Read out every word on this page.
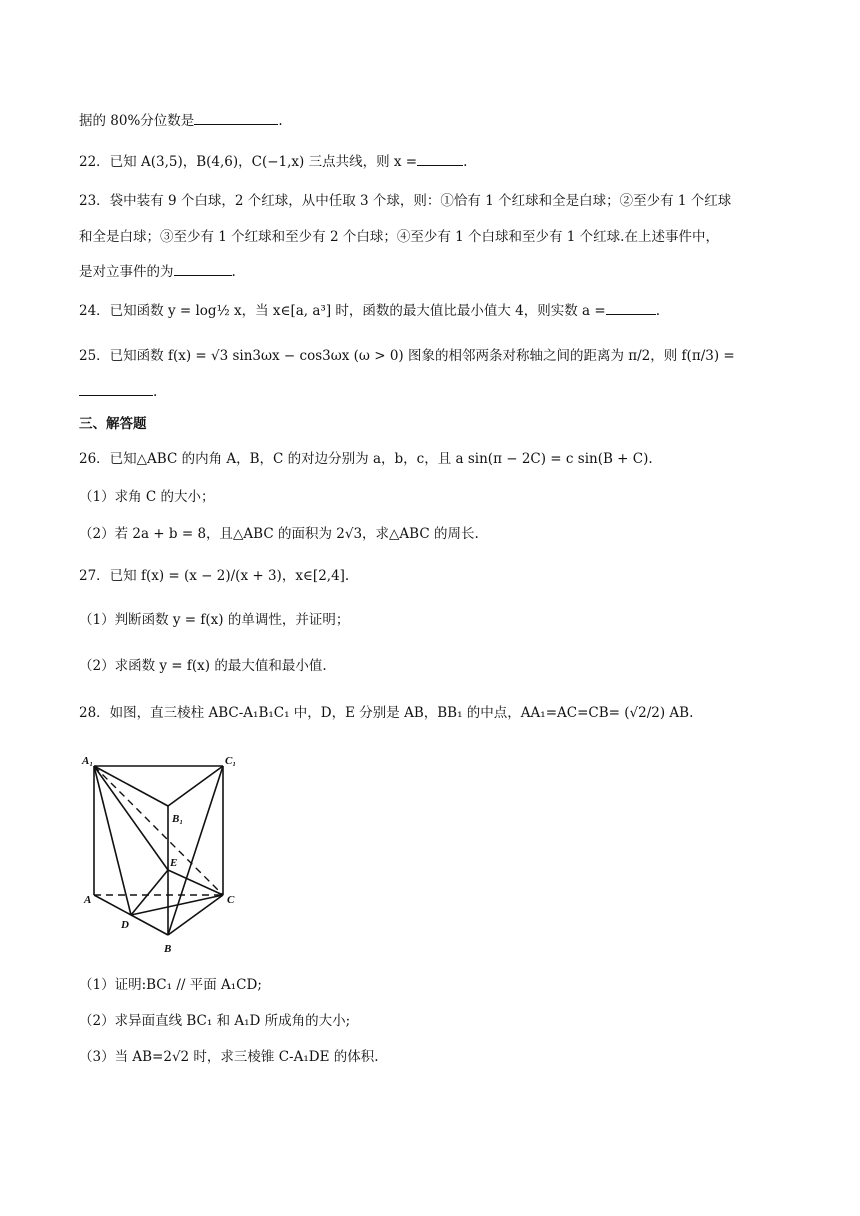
据的 80%分位数是	.
22．已知 A(3,5)，B(4,6)，C(−1,x) 三点共线，则 x =	.
23．袋中装有 9 个白球，2 个红球，从中任取 3 个球，则：①恰有 1 个红球和全是白球；②至少有 1 个红球
和全是白球；③至少有 1 个红球和至少有 2 个白球；④至少有 1 个白球和至少有 1 个红球.在上述事件中，
是对立事件的为	.
24．已知函数 y = log½ x，当 x∈[a, a³] 时，函数的最大值比最小值大 4，则实数 a =	.
25．已知函数 f(x) = √3 sin3ωx − cos3ωx (ω > 0) 图象的相邻两条对称轴之间的距离为 π/2，则 f(π/3) =
.
三、解答题
26．已知△ABC 的内角 A，B，C 的对边分别为 a，b，c，且 a sin(π − 2C) = c sin(B + C).
（1）求角 C 的大小；
（2）若 2a + b = 8，且△ABC 的面积为 2√3，求△ABC 的周长.
27．已知 f(x) = (x − 2)/(x + 3)，x∈[2,4].
（1）判断函数 y = f(x) 的单调性，并证明；
（2）求函数 y = f(x) 的最大值和最小值.
28．如图，直三棱柱 ABC-A₁B₁C₁ 中，D，E 分别是 AB，BB₁ 的中点，AA₁=AC=CB= (√2/2) AB.
A₁	C₁
B₁
E
A	C
D
B
（1）证明:BC₁ // 平面 A₁CD;
（2）求异面直线 BC₁ 和 A₁D 所成角的大小;
（3）当 AB=2√2 时，求三棱锥 C-A₁DE 的体积.
